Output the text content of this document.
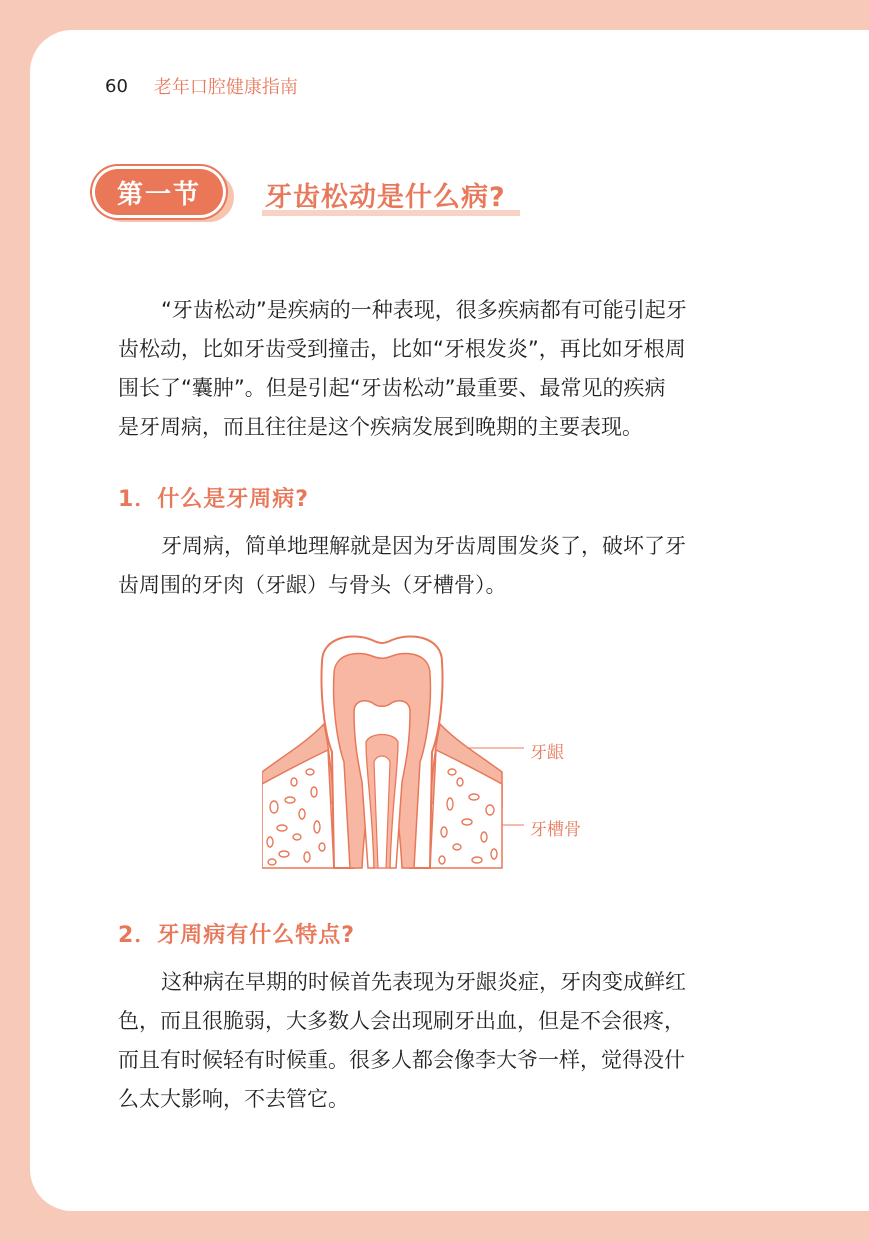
60 老年口腔健康指南
第一节	牙齿松动是什么病?

“牙齿松动”是疾病的一种表现，很多疾病都有可能引起牙
齿松动，比如牙齿受到撞击，比如“牙根发炎”，再比如牙根周
围长了“囊肿”。但是引起“牙齿松动”最重要、最常见的疾病
是牙周病，而且往往是这个疾病发展到晚期的主要表现。

1．什么是牙周病?

牙周病，简单地理解就是因为牙齿周围发炎了，破坏了牙
齿周围的牙肉（牙龈）与骨头（牙槽骨）。

牙龈
牙槽骨
2．牙周病有什么特点?

这种病在早期的时候首先表现为牙龈炎症，牙肉变成鲜红
色，而且很脆弱，大多数人会出现刷牙出血，但是不会很疼，
而且有时候轻有时候重。很多人都会像李大爷一样，觉得没什
么太大影响，不去管它。
